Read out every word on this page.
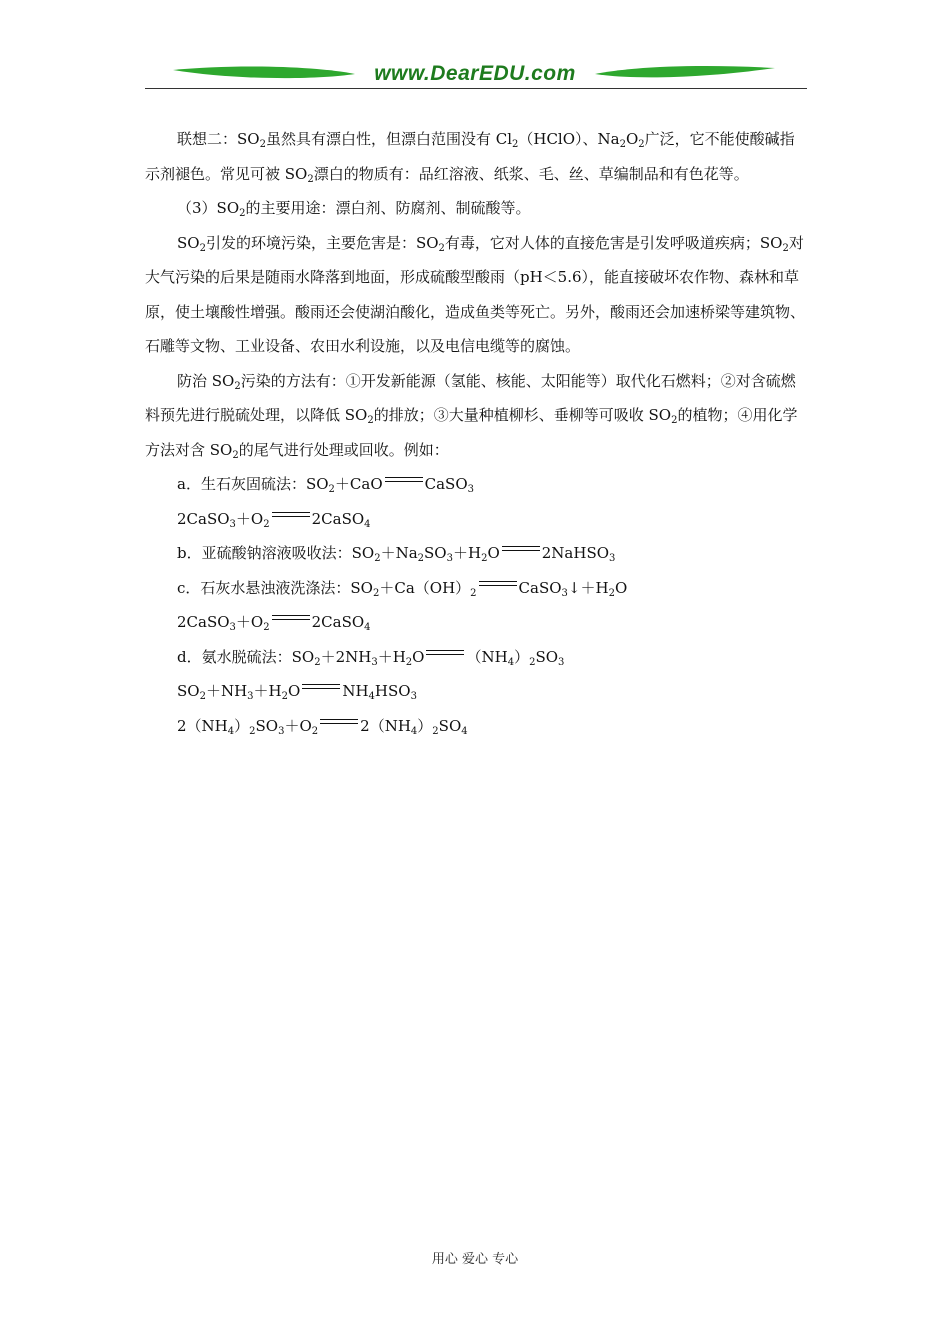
www.DearEDU.com

联想二：$SO_2$虽然具有漂白性，但漂白范围没有 $Cl_2(HClO)$、$Na_2O_2$广泛，它不能使酸碱指示剂褪色。常见可被 $SO_2$漂白的物质有：品红溶液、纸浆、毛、丝、草编制品和有色花等。

$(3)SO_2$的主要用途：漂白剂、防腐剂、制硫酸等。

$SO_2$引发的环境污染，主要危害是：$SO_2$有毒，它对人体的直接危害是引发呼吸道疾病；$SO_2$对大气污染的后果是随雨水降落到地面，形成硫酸型酸雨（pH＜5.6），能直接破坏农作物、森林和草原，使土壤酸性增强。酸雨还会使湖泊酸化，造成鱼类等死亡。另外，酸雨还会加速桥梁等建筑物、石雕等文物、工业设备、农田水利设施，以及电信电缆等的腐蚀。

防治 $SO_2$污染的方法有：①开发新能源（氢能、核能、太阳能等）取代化石燃料；②对含硫燃料预先进行脱硫处理，以降低 $SO_2$的排放；③大量种植柳杉、垂柳等可吸收 $SO_2$的植物；④用化学方法对含 $SO_2$的尾气进行处理或回收。例如：

a．生石灰固硫法：$SO_2+CaO$	CaSO$_3$

$2CaSO_3+O_2$	2CaSO$_4$

b．亚硫酸钠溶液吸收法：$SO_2+Na_2SO_3+H_2O$	2NaHSO$_3$

c．石灰水悬浊液洗涤法：$SO_2+Ca(OH)_2$	$CaSO_3↓+H_2O$

$2CaSO_3+O_2$	2CaSO$_4$

d．氨水脱硫法：$SO_2+2NH_3+H_2O$	$(NH_4)_2SO_3$

$SO_2+NH_3+H_2O$	$NH_4HSO_3$

$2(NH_4)_2SO_3+O_2$	$2(NH_4)_2SO_4$

用心 爱心 专心
